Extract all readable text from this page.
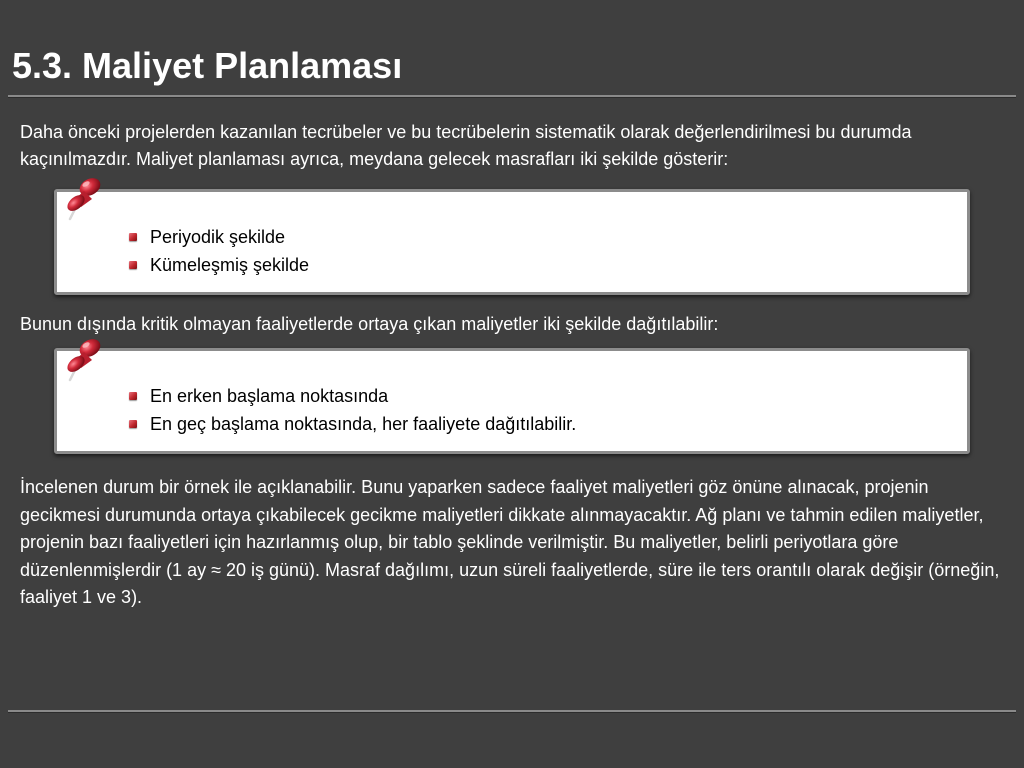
5.3. Maliyet Planlaması

Daha önceki projelerden kazanılan tecrübeler ve bu tecrübelerin sistematik olarak değerlendirilmesi bu durumda kaçınılmazdır. Maliyet planlaması ayrıca, meydana gelecek masrafları iki şekilde gösterir:

Periyodik şekilde
Kümeleşmiş şekilde

Bunun dışında kritik olmayan faaliyetlerde ortaya çıkan maliyetler iki şekilde dağıtılabilir:

En erken başlama noktasında
En geç başlama noktasında, her faaliyete dağıtılabilir.

İncelenen durum bir örnek ile açıklanabilir. Bunu yaparken sadece faaliyet maliyetleri göz önüne alınacak, projenin gecikmesi durumunda ortaya çıkabilecek gecikme maliyetleri dikkate alınmayacaktır. Ağ planı ve tahmin edilen maliyetler, projenin bazı faaliyetleri için hazırlanmış olup, bir tablo şeklinde verilmiştir. Bu maliyetler, belirli periyotlara göre düzenlenmişlerdir (1 ay ≈ 20 iş günü). Masraf dağılımı, uzun süreli faaliyetlerde, süre ile ters orantılı olarak değişir (örneğin, faaliyet 1 ve 3).
